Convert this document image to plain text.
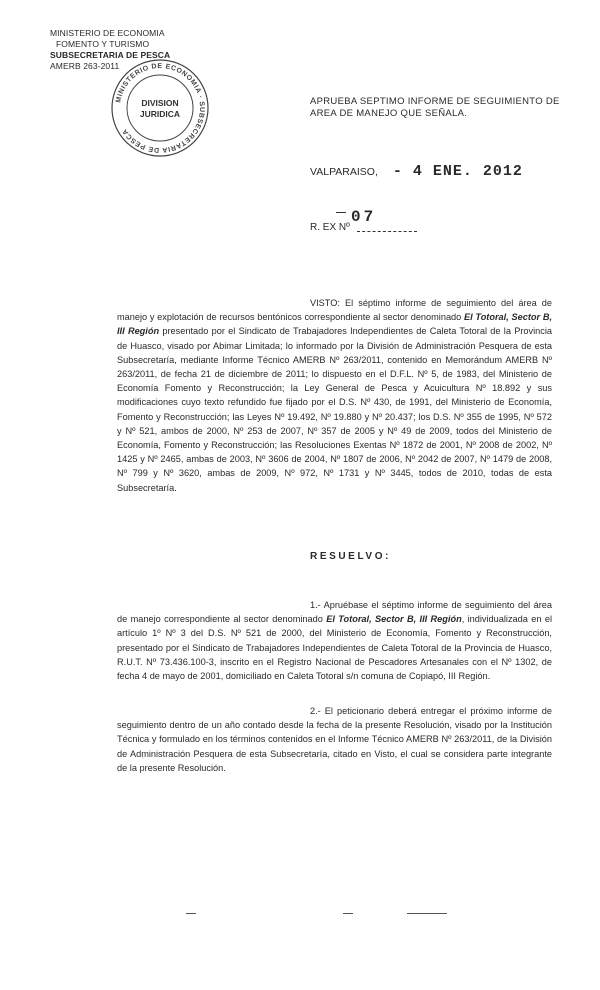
MINISTERIO DE ECONOMIA
FOMENTO Y TURISMO
SUBSECRETARIA DE PESCA
AMERB 263-2011
MINISTERIO DE ECONOMIA · SUBSECRETARIA DE PESCA
DIVISION
JURIDICA
APRUEBA SEPTIMO INFORME DE SEGUIMIENTO DE AREA DE MANEJO QUE SEÑALA.
VALPARAISO, - 4 ENE. 2012
R. EX Nº
07

VISTO: El séptimo informe de seguimiento del área de manejo y explotación de recursos bentónicos correspondiente al sector denominado El Totoral, Sector B, III Región presentado por el Sindicato de Trabajadores Independientes de Caleta Totoral de la Provincia de Huasco, visado por Abimar Limitada; lo informado por la División de Administración Pesquera de esta Subsecretaría, mediante Informe Técnico AMERB Nº 263/2011, contenido en Memorándum AMERB Nº 263/2011, de fecha 21 de diciembre de 2011; lo dispuesto en el D.F.L. Nº 5, de 1983, del Ministerio de Economía Fomento y Reconstrucción; la Ley General de Pesca y Acuicultura Nº 18.892 y sus modificaciones cuyo texto refundido fue fijado por el D.S. Nº 430, de 1991, del Ministerio de Economía, Fomento y Reconstrucción; las Leyes Nº 19.492, Nº 19.880 y Nº 20.437; los D.S. Nº 355 de 1995, Nº 572 y Nº 521, ambos de 2000, Nº 253 de 2007, Nº 357 de 2005 y Nº 49 de 2009, todos del Ministerio de Economía, Fomento y Reconstrucción; las Resoluciones Exentas Nº 1872 de 2001, Nº 2008 de 2002, Nº 1425 y Nº 2465, ambas de 2003, Nº 3606 de 2004, Nº 1807 de 2006, Nº 2042 de 2007, Nº 1479 de 2008, Nº 799 y Nº 3620, ambas de 2009, Nº 972, Nº 1731 y Nº 3445, todos de 2010, todas de esta Subsecretaría.

RESUELVO:

1.- Apruébase el séptimo informe de seguimiento del área de manejo correspondiente al sector denominado El Totoral, Sector B, III Región, individualizada en el artículo 1º Nº 3 del D.S. Nº 521 de 2000, del Ministerio de Economía, Fomento y Reconstrucción, presentado por el Sindicato de Trabajadores Independientes de Caleta Totoral de la Provincia de Huasco, R.U.T. Nº 73.436.100-3, inscrito en el Registro Nacional de Pescadores Artesanales con el Nº 1302, de fecha 4 de mayo de 2001, domiciliado en Caleta Totoral s/n comuna de Copiapó, III Región.

2.- El peticionario deberá entregar el próximo informe de seguimiento dentro de un año contado desde la fecha de la presente Resolución, visado por la Institución Técnica y formulado en los términos contenidos en el Informe Técnico AMERB Nº 263/2011, de la División de Administración Pesquera de esta Subsecretaría, citado en Visto, el cual se considera parte integrante de la presente Resolución.
